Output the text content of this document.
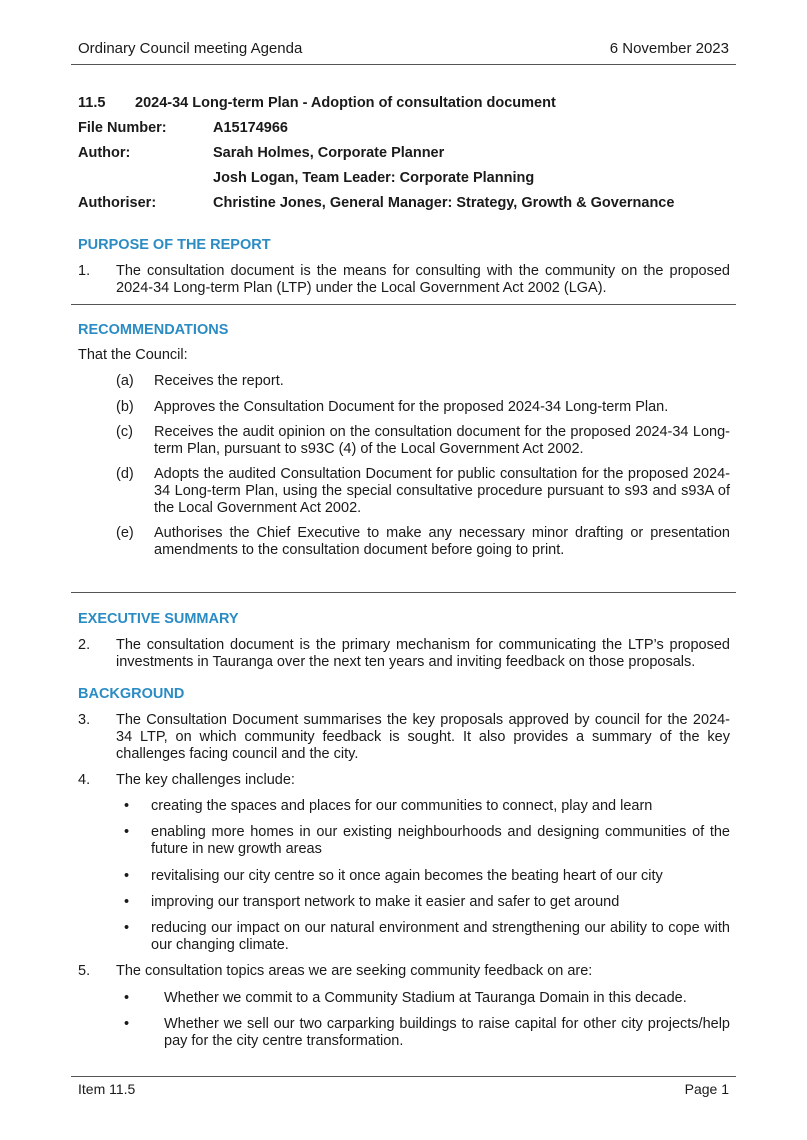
Ordinary Council meeting Agenda	6 November 2023
11.5 2024-34 Long-term Plan - Adoption of consultation document
File Number:	A15174966
Author:	Sarah Holmes, Corporate Planner
Josh Logan, Team Leader: Corporate Planning
Authoriser:	Christine Jones, General Manager: Strategy, Growth & Governance
PURPOSE OF THE REPORT
1. The consultation document is the means for consulting with the community on the proposed 2024-34 Long-term Plan (LTP) under the Local Government Act 2002 (LGA).
RECOMMENDATIONS
That the Council:
(a) Receives the report.
(b) Approves the Consultation Document for the proposed 2024-34 Long-term Plan.
(c) Receives the audit opinion on the consultation document for the proposed 2024-34 Long-term Plan, pursuant to s93C (4) of the Local Government Act 2002.
(d) Adopts the audited Consultation Document for public consultation for the proposed 2024-34 Long-term Plan, using the special consultative procedure pursuant to s93 and s93A of the Local Government Act 2002.
(e) Authorises the Chief Executive to make any necessary minor drafting or presentation amendments to the consultation document before going to print.
EXECUTIVE SUMMARY
2. The consultation document is the primary mechanism for communicating the LTP’s proposed investments in Tauranga over the next ten years and inviting feedback on those proposals.
BACKGROUND
3. The Consultation Document summarises the key proposals approved by council for the 2024-34 LTP, on which community feedback is sought. It also provides a summary of the key challenges facing council and the city.
4. The key challenges include:
• creating the spaces and places for our communities to connect, play and learn
• enabling more homes in our existing neighbourhoods and designing communities of the future in new growth areas
• revitalising our city centre so it once again becomes the beating heart of our city
• improving our transport network to make it easier and safer to get around
• reducing our impact on our natural environment and strengthening our ability to cope with our changing climate.
5. The consultation topics areas we are seeking community feedback on are:
• Whether we commit to a Community Stadium at Tauranga Domain in this decade.
• Whether we sell our two carparking buildings to raise capital for other city projects/help pay for the city centre transformation.
Item 11.5	Page 1
